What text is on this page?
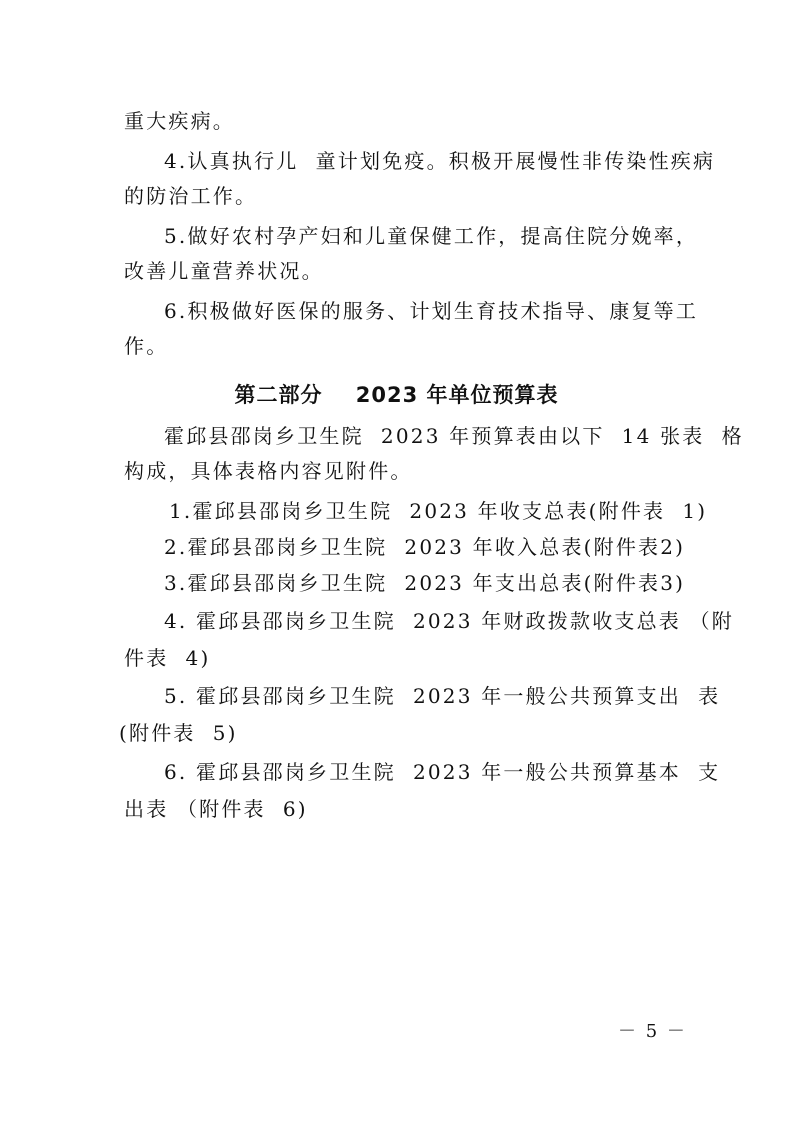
重大疾病。
4.认真执行儿  童计划免疫。积极开展慢性非传染性疾病
的防治工作。
5.做好农村孕产妇和儿童保健工作，提高住院分娩率，
改善儿童营养状况。
6.积极做好医保的服务、计划生育技术指导、康复等工
作。
第二部分    2023 年单位预算表
霍邱县邵岗乡卫生院  2023 年预算表由以下  14 张表  格
构成，具体表格内容见附件。
1.霍邱县邵岗乡卫生院  2023 年收支总表(附件表  1)
2.霍邱县邵岗乡卫生院  2023 年收入总表(附件表2)
3.霍邱县邵岗乡卫生院  2023 年支出总表(附件表3)
4. 霍邱县邵岗乡卫生院  2023 年财政拨款收支总表 （附
件表  4)
5. 霍邱县邵岗乡卫生院  2023 年一般公共预算支出  表
(附件表  5)
6. 霍邱县邵岗乡卫生院  2023 年一般公共预算基本  支
出表 （附件表  6)
－ 5 －
